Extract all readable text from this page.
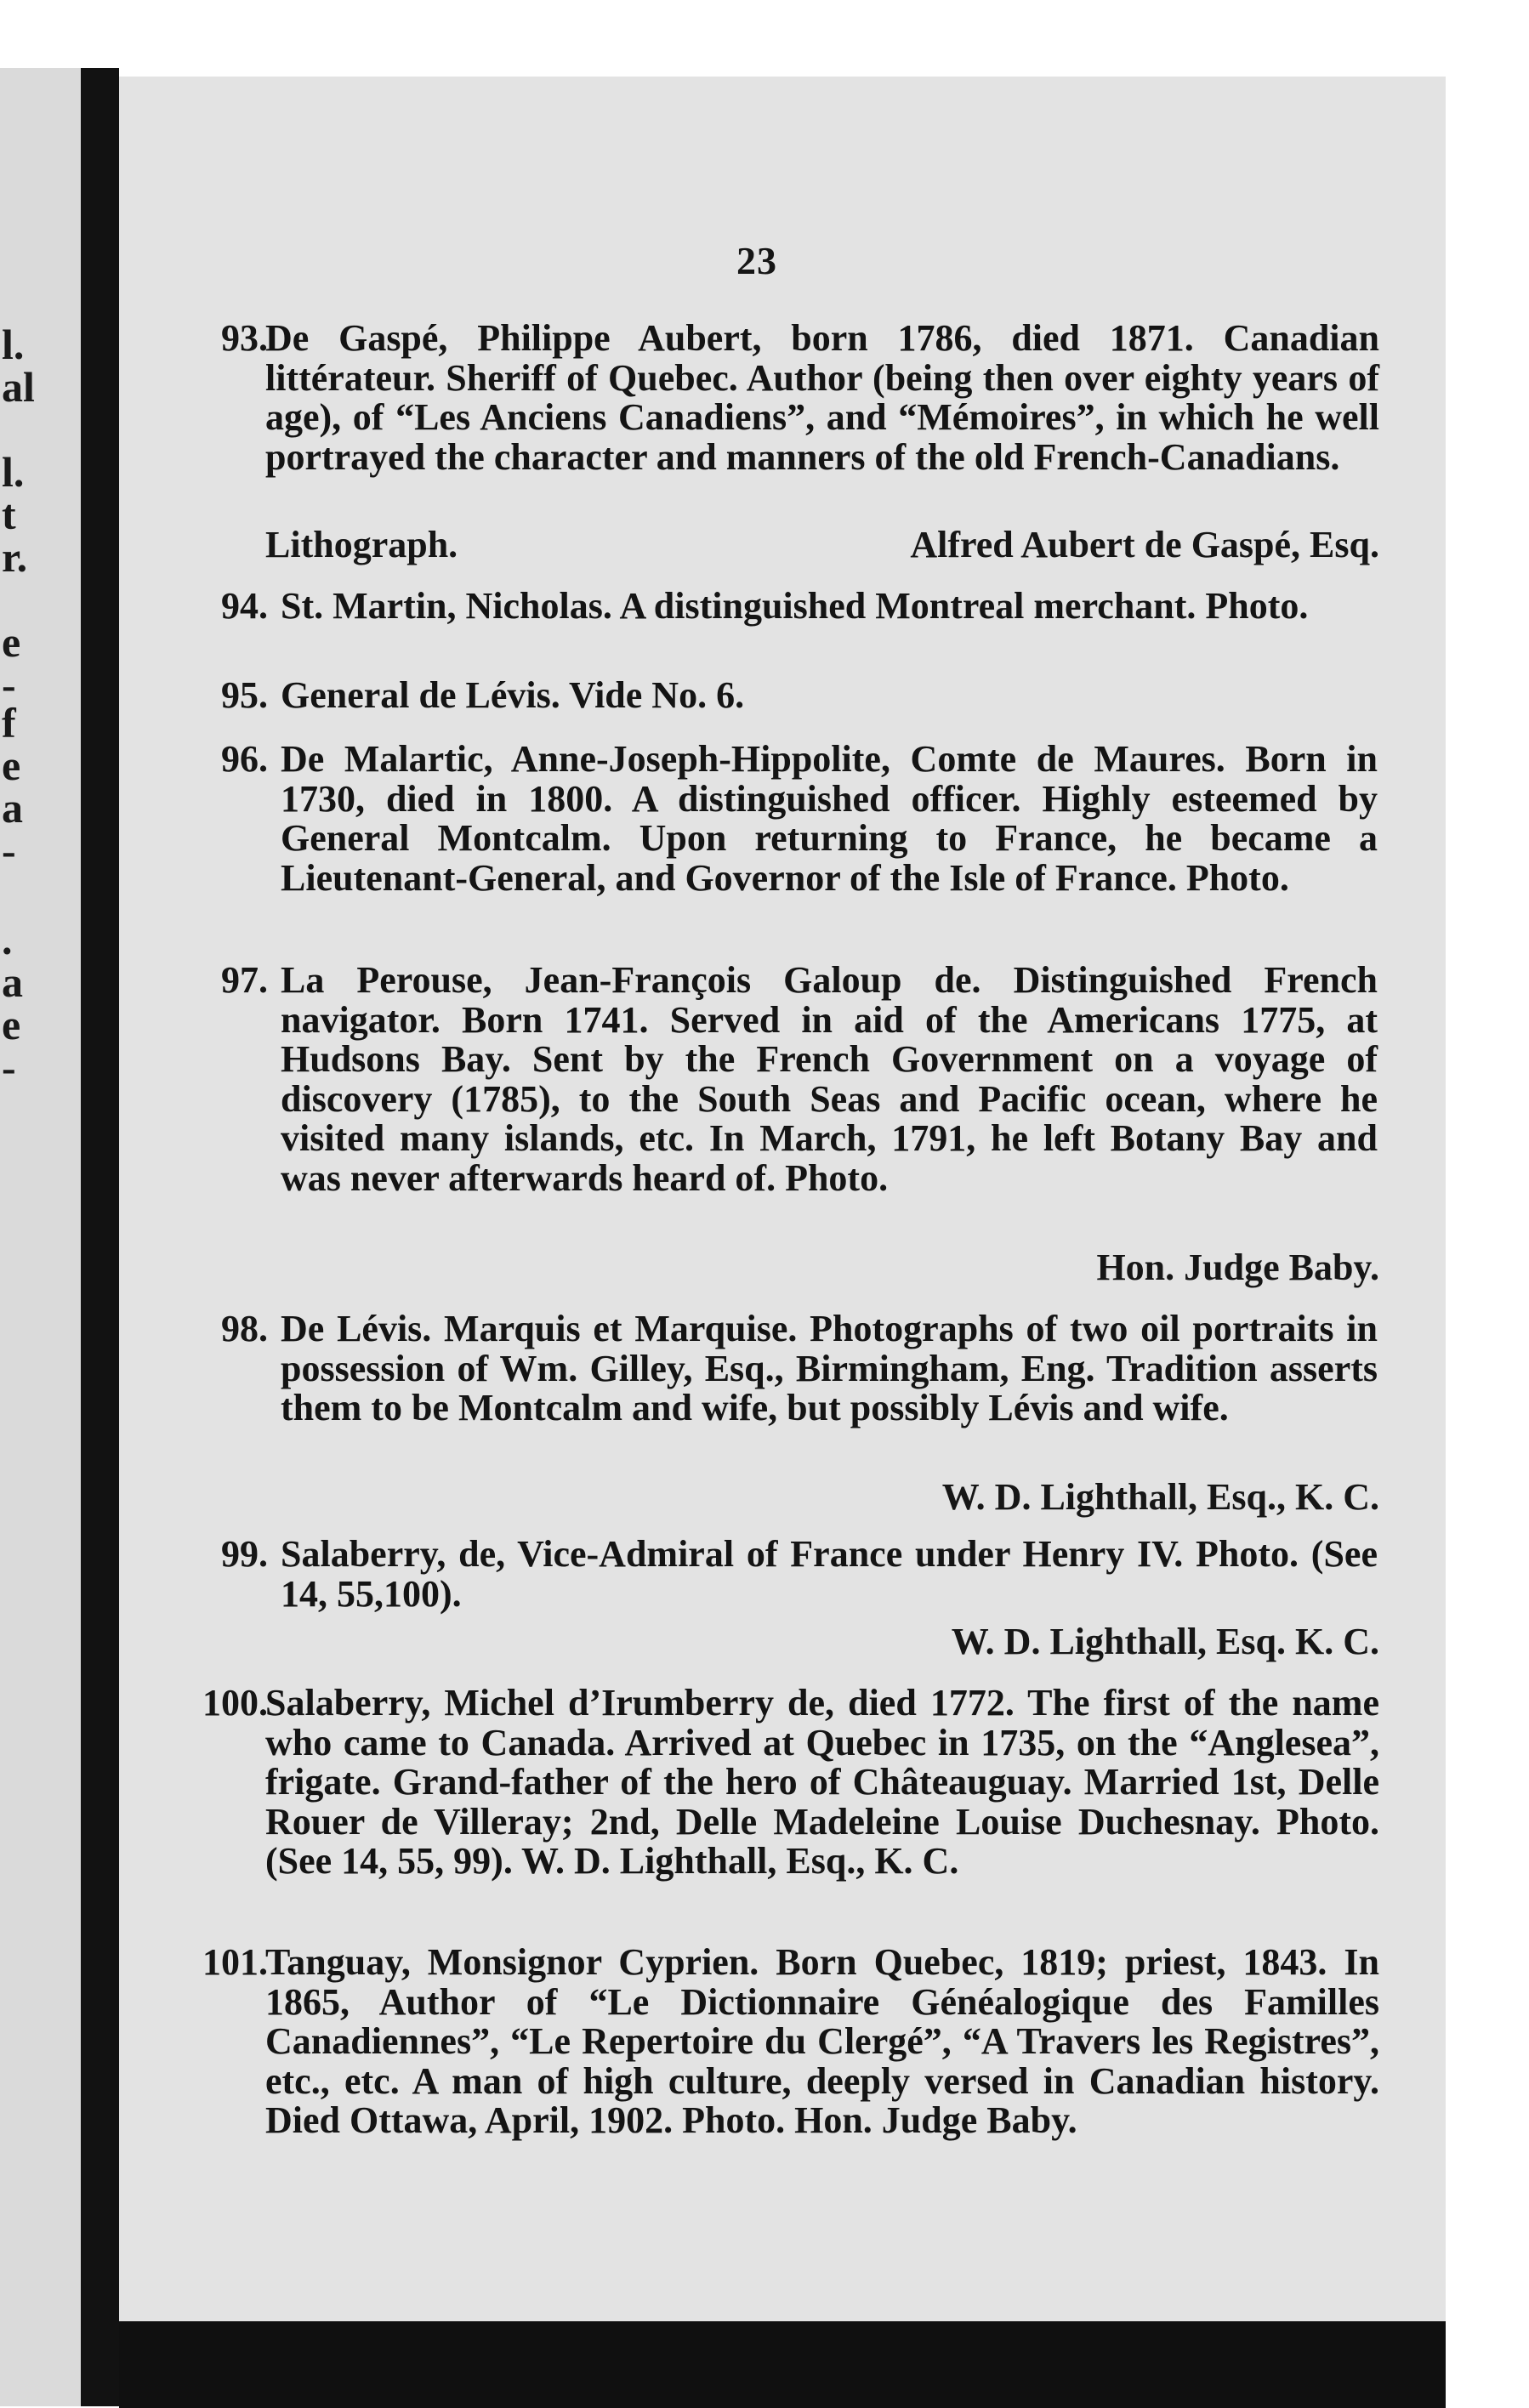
l.
al
l.
t
r.
e
-
f
e
a
-
.
a
e
-
23
93.
De Gaspé, Philippe Aubert, born 1786, died 1871. Canadian littérateur. Sheriff of Quebec. Author (being then over eighty years of age), of “Les Anciens Canadiens”, and “Mémoires”, in which he well portrayed the character and manners of the old French-Canadians.
Lithograph.	Alfred Aubert de Gaspé, Esq.
94. St. Martin, Nicholas. A distinguished Montreal merchant. Photo.
95. General de Lévis. Vide No. 6.
96. De Malartic, Anne-Joseph-Hippolite, Comte de Maures. Born in 1730, died in 1800. A distinguished officer. Highly esteemed by General Montcalm. Upon returning to France, he became a Lieutenant-General, and Governor of the Isle of France. Photo.
97. La Perouse, Jean-François Galoup de. Distinguished French navigator. Born 1741. Served in aid of the Americans 1775, at Hudsons Bay. Sent by the French Government on a voyage of discovery (1785), to the South Seas and Pacific ocean, where he visited many islands, etc. In March, 1791, he left Botany Bay and was never afterwards heard of. Photo.
Hon. Judge Baby.
98. De Lévis. Marquis et Marquise. Photographs of two oil portraits in possession of Wm. Gilley, Esq., Birmingham, Eng. Tradition asserts them to be Montcalm and wife, but possibly Lévis and wife.
W. D. Lighthall, Esq., K. C.
99. Salaberry, de, Vice-Admiral of France under Henry IV. Photo. (See 14, 55,100).
W. D. Lighthall, Esq. K. C.
100.
Salaberry, Michel d’Irumberry de, died 1772. The first of the name who came to Canada. Arrived at Quebec in 1735, on the “Anglesea”, frigate. Grand-father of the hero of Châteauguay. Married 1st, Delle Rouer de Villeray; 2nd, Delle Madeleine Louise Duchesnay. Photo. (See 14, 55, 99). W. D. Lighthall, Esq., K. C.
101.
Tanguay, Monsignor Cyprien. Born Quebec, 1819; priest, 1843. In 1865, Author of “Le Dictionnaire Généalogique des Familles Canadiennes”, “Le Repertoire du Clergé”, “A Travers les Registres”, etc., etc. A man of high culture, deeply versed in Canadian history. Died Ottawa, April, 1902. Photo. Hon. Judge Baby.
